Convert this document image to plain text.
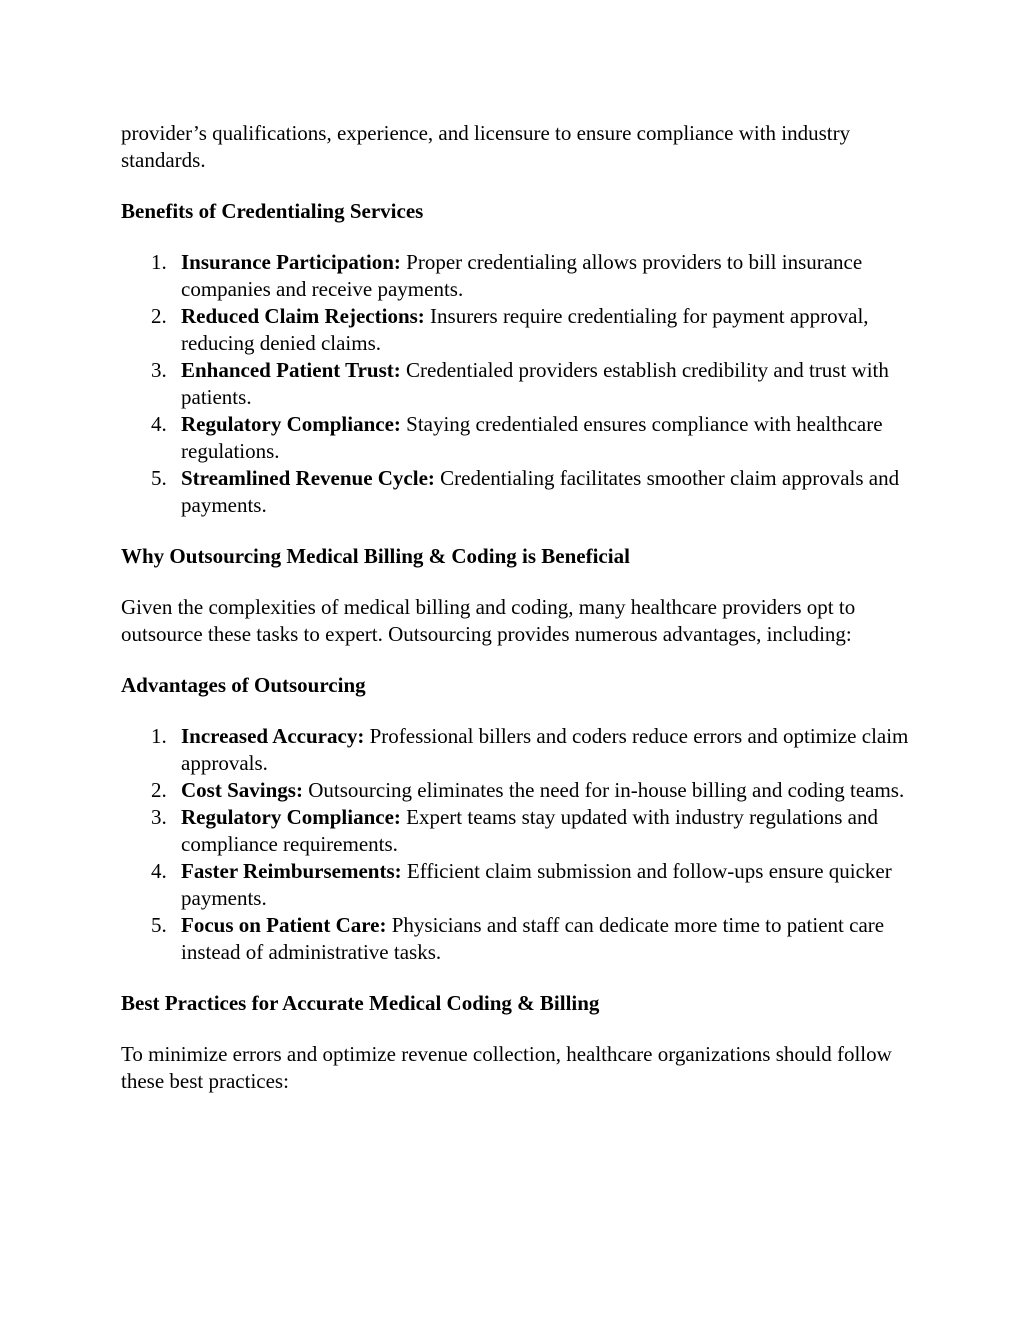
provider’s qualifications, experience, and licensure to ensure compliance with industry standards.

Benefits of Credentialing Services
1. Insurance Participation: Proper credentialing allows providers to bill insurance companies and receive payments.
2. Reduced Claim Rejections: Insurers require credentialing for payment approval, reducing denied claims.
3. Enhanced Patient Trust: Credentialed providers establish credibility and trust with patients.
4. Regulatory Compliance: Staying credentialed ensures compliance with healthcare regulations.
5. Streamlined Revenue Cycle: Credentialing facilitates smoother claim approvals and payments.
Why Outsourcing Medical Billing & Coding is Beneficial

Given the complexities of medical billing and coding, many healthcare providers opt to outsource these tasks to expert. Outsourcing provides numerous advantages, including:

Advantages of Outsourcing
1. Increased Accuracy: Professional billers and coders reduce errors and optimize claim approvals.
2. Cost Savings: Outsourcing eliminates the need for in-house billing and coding teams.
3. Regulatory Compliance: Expert teams stay updated with industry regulations and compliance requirements.
4. Faster Reimbursements: Efficient claim submission and follow-ups ensure quicker payments.
5. Focus on Patient Care: Physicians and staff can dedicate more time to patient care instead of administrative tasks.
Best Practices for Accurate Medical Coding & Billing

To minimize errors and optimize revenue collection, healthcare organizations should follow these best practices:
